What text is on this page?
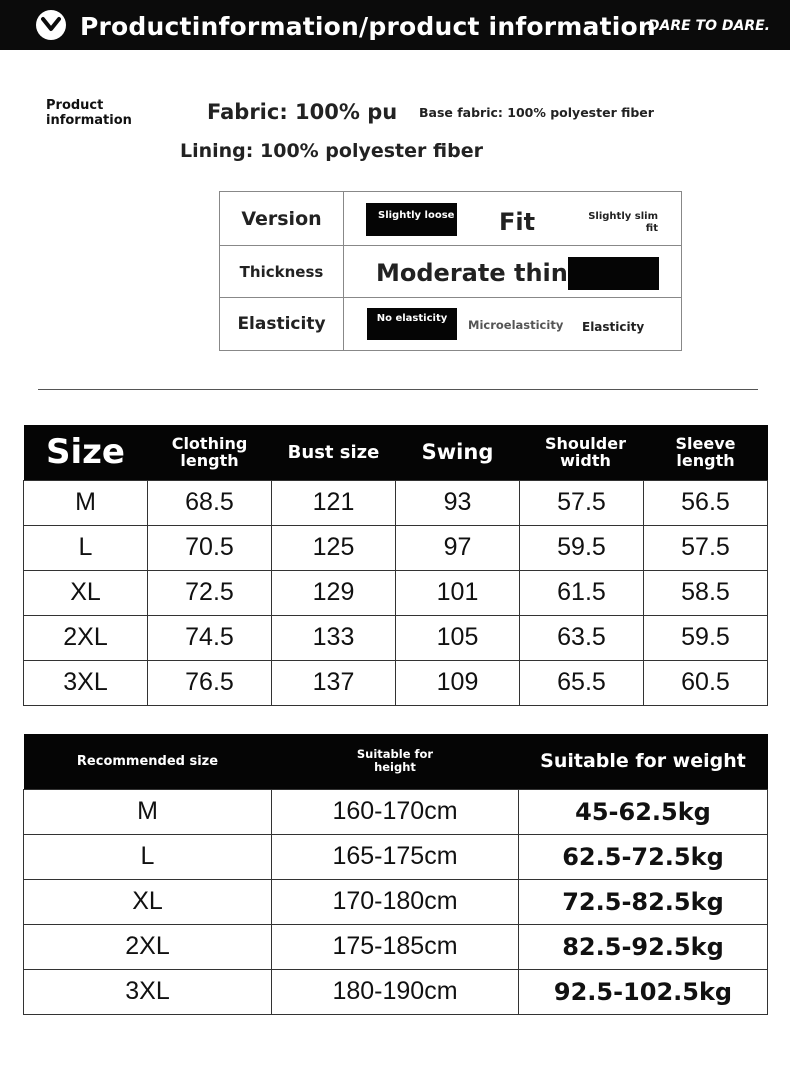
Productinformation/product information
DARE TO DARE.
Product information	Fabric: 100% pu Base fabric: 100% polyester fiber
Lining: 100% polyester fiber
Version	Slightly loose Fit	Slightly slim fit
Thickness	Moderate thin
Elasticity	No elasticity	Microelasticity Elasticity
Size	Clothing length	Bust size	Swing	Shoulder width	Sleeve length
M	68.5	121	93	57.5	56.5
L	70.5	125	97	59.5	57.5
XL	72.5	129	101	61.5	58.5
2XL	74.5	133	105	63.5	59.5
3XL	76.5	137	109	65.5	60.5
Recommended size	Suitable for height	Suitable for weight
M	160-170cm	45-62.5kg
L	165-175cm	62.5-72.5kg
XL	170-180cm	72.5-82.5kg
2XL	175-185cm	82.5-92.5kg
3XL	180-190cm	92.5-102.5kg
